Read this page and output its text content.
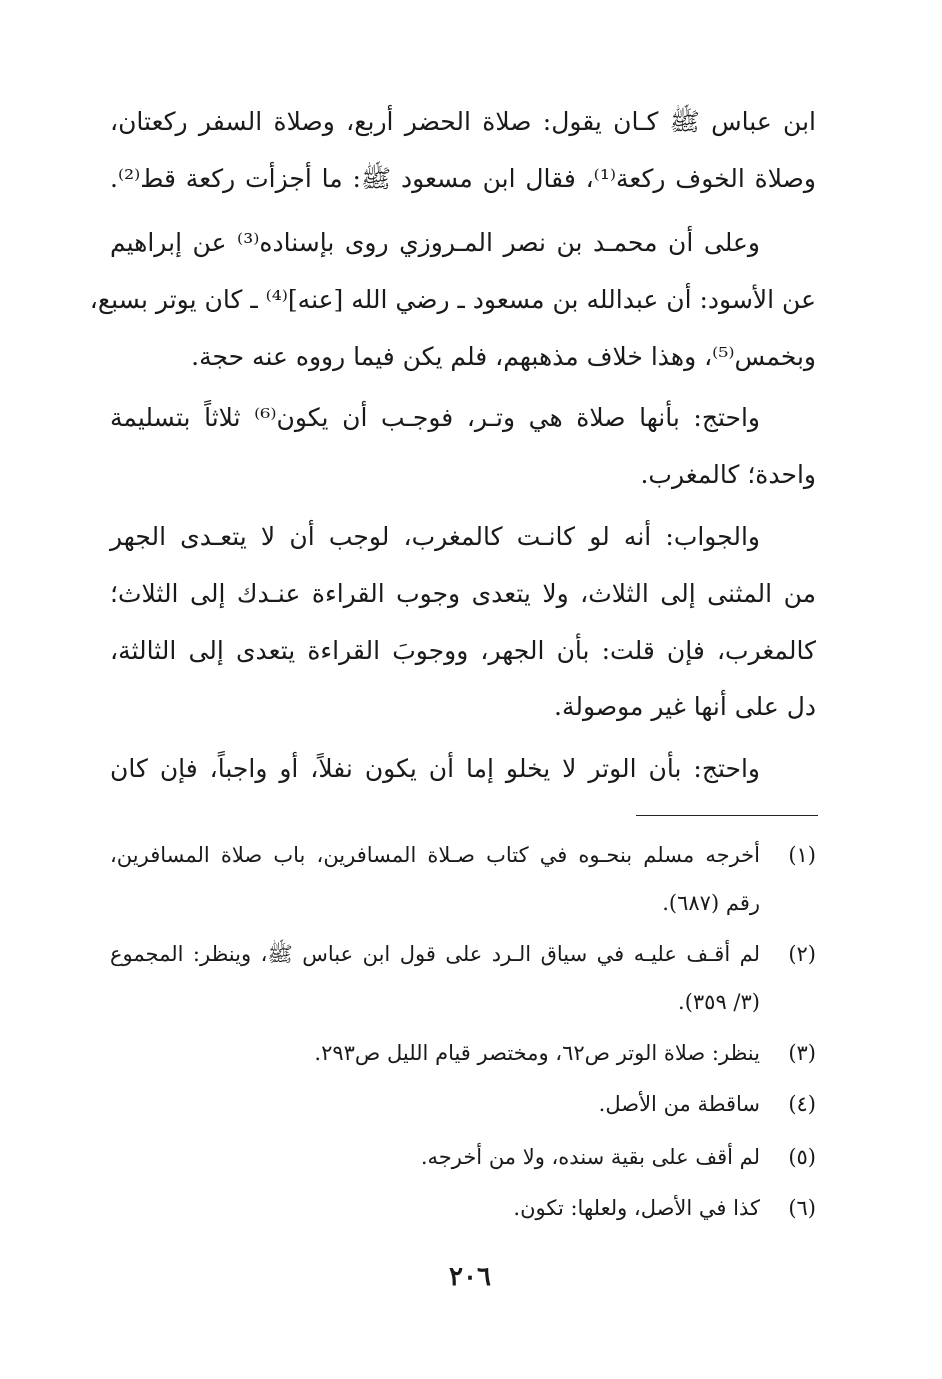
ابن عباس ﷺ كـان يقول: صلاة الحضر أربع، وصلاة السفر ركعتان،
وصلاة الخوف ركعة⁽¹⁾، فقال ابن مسعود ﷺ: ما أجزأت ركعة قط⁽²⁾.
وعلى أن محمـد بن نصر المـروزي روى بإسناده⁽³⁾ عن إبراهيم
عن الأسود: أن عبدالله بن مسعود ـ رضي الله [عنه]⁽⁴⁾ ـ كان يوتر بسبع،
وبخمس⁽⁵⁾، وهذا خلاف مذهبهم، فلم يكن فيما رووه عنه حجة.
واحتج: بأنها صلاة هي وتـر، فوجـب أن يكون⁽⁶⁾ ثلاثاً بتسليمة
واحدة؛ كالمغرب.
والجواب: أنه لو كانـت كالمغرب، لوجب أن لا يتعـدى الجهر
من المثنى إلى الثلاث، ولا يتعدى وجوب القراءة عنـدك إلى الثلاث؛
كالمغرب، فإن قلت: بأن الجهر، ووجوبَ القراءة يتعدى إلى الثالثة،
دل على أنها غير موصولة.
واحتج: بأن الوتر لا يخلو إما أن يكون نفلاً، أو واجباً، فإن كان
(١)
أخرجه مسلم بنحـوه في كتاب صـلاة المسافرين، باب صلاة المسافرين،
رقم (٦٨٧).
(٢)
لم أقـف عليـه في سياق الـرد على قول ابن عباس ﷺ، وينظر: المجموع
(٣/ ٣٥٩).
(٣)
ينظر: صلاة الوتر ص٦٢، ومختصر قيام الليل ص٢٩٣.
(٤)
ساقطة من الأصل.
(٥)
لم أقف على بقية سنده، ولا من أخرجه.
(٦)
كذا في الأصل، ولعلها: تكون.
٢٠٦
